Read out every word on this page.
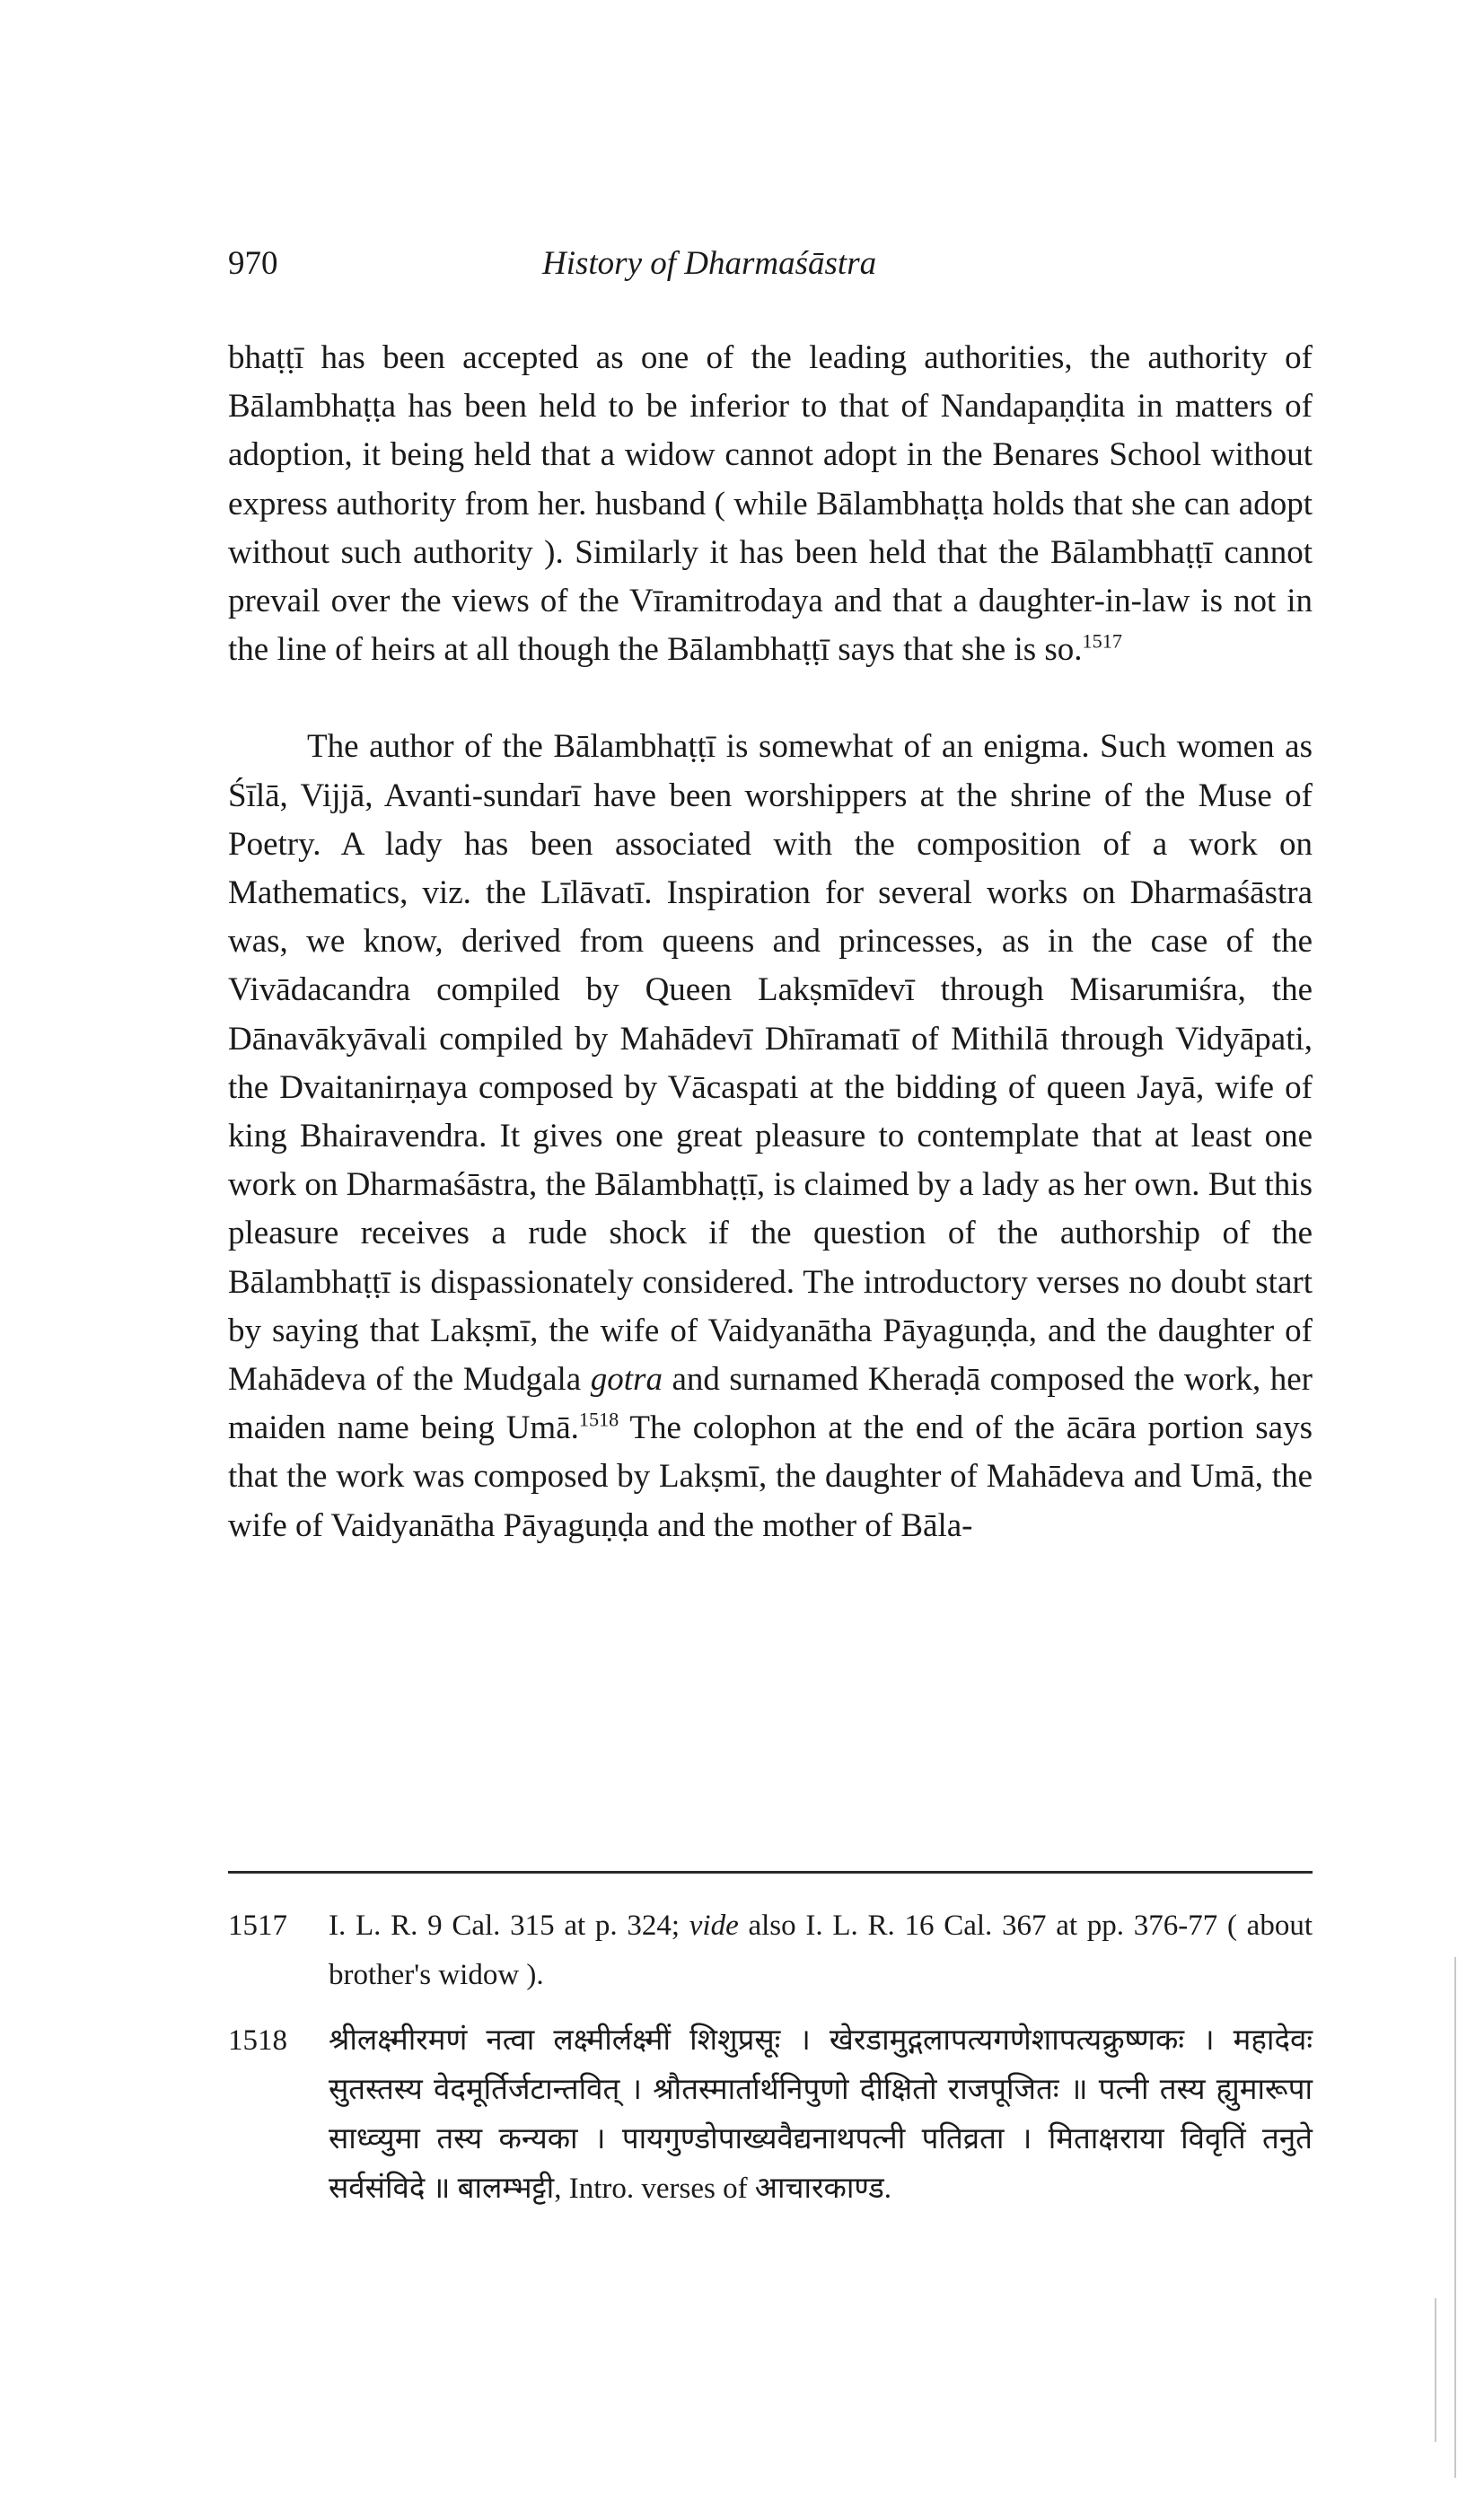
970	History of Dharmaśāstra

bhaṭṭī has been accepted as one of the leading authorities, the authority of Bālambhaṭṭa has been held to be inferior to that of Nandapaṇḍita in matters of adoption, it being held that a widow cannot adopt in the Benares School without express authority from her. husband ( while Bālambhaṭṭa holds that she can adopt without such authority ). Similarly it has been held that the Bālambhaṭṭī cannot prevail over the views of the Vīramitrodaya and that a daughter-in-law is not in the line of heirs at all though the Bālambhaṭṭī says that she is so.$^{1517}$

The author of the Bālambhaṭṭī is somewhat of an enigma. Such women as Śīlā, Vijjā, Avanti-sundarī have been worshippers at the shrine of the Muse of Poetry. A lady has been associated with the composition of a work on Mathematics, viz. the Līlāvatī. Inspiration for several works on Dharmaśāstra was, we know, derived from queens and princesses, as in the case of the Vivādacandra compiled by Queen Lakṣmīdevī through Misarumiśra, the Dānavākyāvali compiled by Mahādevī Dhīramatī of Mithilā through Vidyāpati, the Dvaitanirṇaya composed by Vācaspati at the bidding of queen Jayā, wife of king Bhairavendra. It gives one great pleasure to contemplate that at least one work on Dharmaśāstra, the Bālambhaṭṭī, is claimed by a lady as her own. But this pleasure receives a rude shock if the question of the authorship of the Bālambhaṭṭī is dispassionately considered. The introductory verses no doubt start by saying that Lakṣmī, the wife of Vaidyanātha Pāyaguṇḍa, and the daughter of Mahādeva of the Mudgala gotra and surnamed Kheraḍā composed the work, her maiden name being Umā.$^{1518}$ The colophon at the end of the ācāra portion says that the work was composed by Lakṣmī, the daughter of Mahādeva and Umā, the wife of Vaidyanātha Pāyaguṇḍa and the mother of Bāla-

1517 I. L. R. 9 Cal. 315 at p. 324; vide also I. L. R. 16 Cal. 367 at pp. 376-77 ( about brother's widow ).
1518 श्रीलक्ष्मीरमणं नत्वा लक्ष्मीर्लक्ष्मीं शिशुप्रसूः । खेरडामुद्गलापत्यगणेशापत्यक्रुष्णकः । महादेवः सुतस्तस्य वेदमूर्तिर्जटान्तवित् । श्रौतस्मार्तार्थनिपुणो दीक्षितो राजपूजितः ॥ पत्नी तस्य ह्युमारूपा साध्व्युमा तस्य कन्यका । पायगुण्डोपाख्यवैद्यनाथपत्नी पतिव्रता । मिताक्षराया विवृतिं तनुते सर्वसंविदे ॥ बालम्भट्टी, Intro. verses of आचारकाण्ड.
